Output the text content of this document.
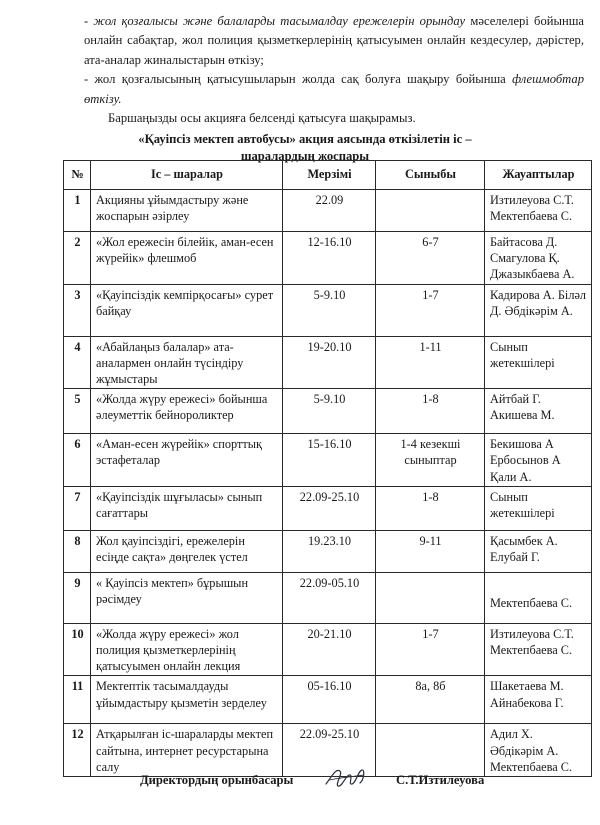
- жол қозғалысы және балаларды тасымалдау ережелерін орындау мәселелері бойынша онлайн сабақтар, жол полиция қызметкерлерінің қатысуымен онлайн кездесулер, дәрістер, ата-аналар жиналыстарын өткізу;

- жол қозғалысының қатысушыларын жолда сақ болуға шақыру бойынша флешмобтар өткізу.

Баршаңызды осы акцияға белсенді қатысуға шақырамыз.

«Қауіпсіз мектеп автобусы» акция аясында өткізілетін іс – шаралардың жоспары
№	Іс – шаралар	Мерзімі	Сыныбы	Жауаптылар
1	Акцияны ұйымдастыру және жоспарын әзірлеу	22.09		Изтилеуова С.Т. Мектепбаева С.
2	«Жол ережесін білейік, аман-есен жүрейік» флешмоб	12-16.10	6-7	Байтасова Д. Смагулова Қ. Джазыкбаева А.
3	«Қауіпсіздік кемпірқосағы» сурет байқау	5-9.10	1-7	Кадирова А. Біләл Д. Әбдікәрім А.
4	«Абайлаңыз балалар» ата-аналармен онлайн түсіндіру жұмыстары	19-20.10	1-11	Сынып жетекшілері
5	«Жолда жүру ережесі» бойынша әлеуметтік бейнороликтер	5-9.10	1-8	Айтбай Г. Акишева М.
6	«Аман-есен жүрейік» спорттық эстафеталар	15-16.10	1-4 кезекші сыныптар	Бекишова А Ербосынов А Қали А.
7	«Қауіпсіздік шұғыласы» сынып сағаттары	22.09-25.10	1-8	Сынып жетекшілері
8	Жол қауіпсіздігі, ережелерін есіңде сақта» дөңгелек үстел	19.23.10	9-11	Қасымбек А. Елубай Г.
9	« Қауіпсіз мектеп» бұрышын рәсімдеу	22.09-05.10		Мектепбаева С.
10	«Жолда жүру ережесі» жол полиция қызметкерлерінің қатысуымен онлайн лекция	20-21.10	1-7	Изтилеуова С.Т. Мектепбаева С.
11	Мектептік тасымалдауды ұйымдастыру қызметін зерделеу	05-16.10	8а, 8б	Шакетаева М. Айнабекова Г.
12	Атқарылған іс-шараларды мектеп сайтына, интернет ресурстарына салу	22.09-25.10		Адил Х. Әбдікәрім А. Мектепбаева С.
Директордың орынбасары	С.Т.Изтилеуова
